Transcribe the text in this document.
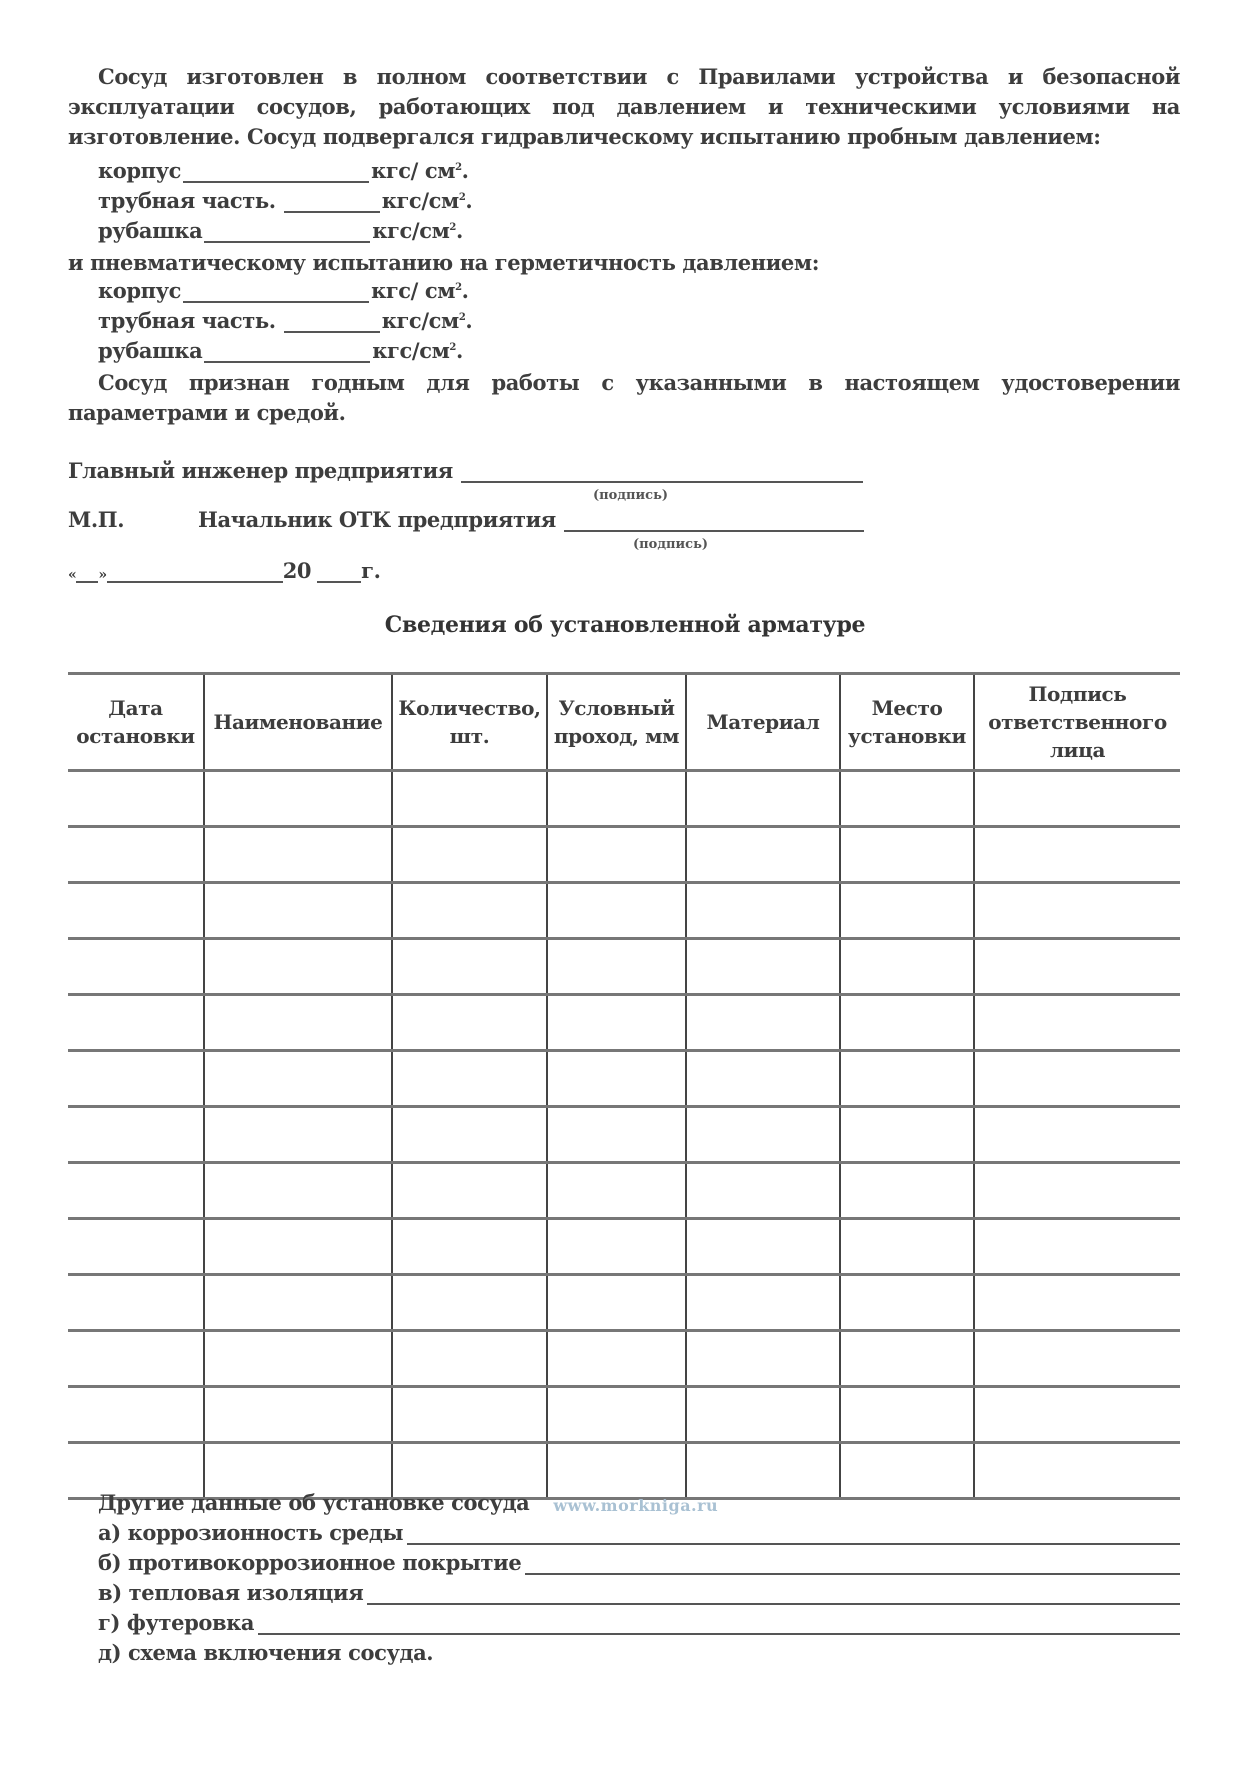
Сосуд изготовлен в полном соответствии с Правилами устройства и безопасной эксплуатации сосудов, работающих под давлением и техническими условиями на изготовление. Сосуд подвергался гидравлическому испытанию пробным давлением:
корпус	кгс/ $см^2$.
трубная часть.	кгс/$см^2$.
рубашка	кгс/$см^2$.
и пневматическому испытанию на герметичность давлением:
корпус	кгс/ $см^2$.
трубная часть.	кгс/$см^2$.
рубашка	кгс/$см^2$.
Сосуд признан годным для работы с указанными в настоящем удостоверении параметрами и средой.
Главный инженер предприятия
(подпись)
М.П.	Начальник ОТК предприятия
(подпись)
« »	20 г.
Сведения об установленной арматуре
Дата остановки	Наименование	Количество, шт.	Условный проход, мм	Материал	Место установки	Подпись ответственного лица

Другие данные об установке сосуда www.morkniga.ru
а) коррозионность среды
б) противокоррозионное покрытие
в) тепловая изоляция
г) футеровка
д) схема включения сосуда.
